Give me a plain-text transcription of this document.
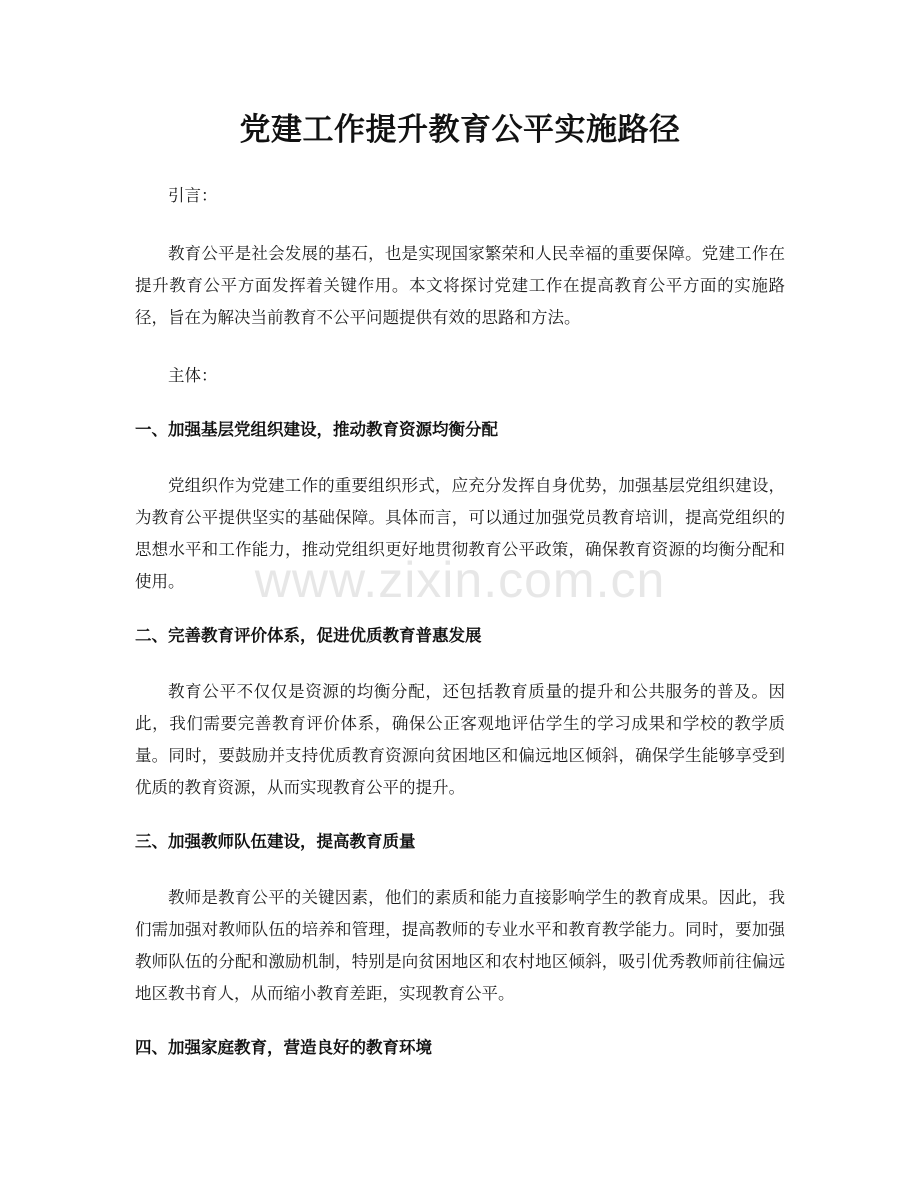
党建工作提升教育公平实施路径

引言：

教育公平是社会发展的基石，也是实现国家繁荣和人民幸福的重要保障。党建工作在提升教育公平方面发挥着关键作用。本文将探讨党建工作在提高教育公平方面的实施路径，旨在为解决当前教育不公平问题提供有效的思路和方法。

主体：

一、加强基层党组织建设，推动教育资源均衡分配

党组织作为党建工作的重要组织形式，应充分发挥自身优势，加强基层党组织建设，为教育公平提供坚实的基础保障。具体而言，可以通过加强党员教育培训，提高党组织的思想水平和工作能力，推动党组织更好地贯彻教育公平政策，确保教育资源的均衡分配和使用。

二、完善教育评价体系，促进优质教育普惠发展

教育公平不仅仅是资源的均衡分配，还包括教育质量的提升和公共服务的普及。因此，我们需要完善教育评价体系，确保公正客观地评估学生的学习成果和学校的教学质量。同时，要鼓励并支持优质教育资源向贫困地区和偏远地区倾斜，确保学生能够享受到优质的教育资源，从而实现教育公平的提升。

三、加强教师队伍建设，提高教育质量

教师是教育公平的关键因素，他们的素质和能力直接影响学生的教育成果。因此，我们需加强对教师队伍的培养和管理，提高教师的专业水平和教育教学能力。同时，要加强教师队伍的分配和激励机制，特别是向贫困地区和农村地区倾斜，吸引优秀教师前往偏远地区教书育人，从而缩小教育差距，实现教育公平。

四、加强家庭教育，营造良好的教育环境

www.zixin.com.cn
